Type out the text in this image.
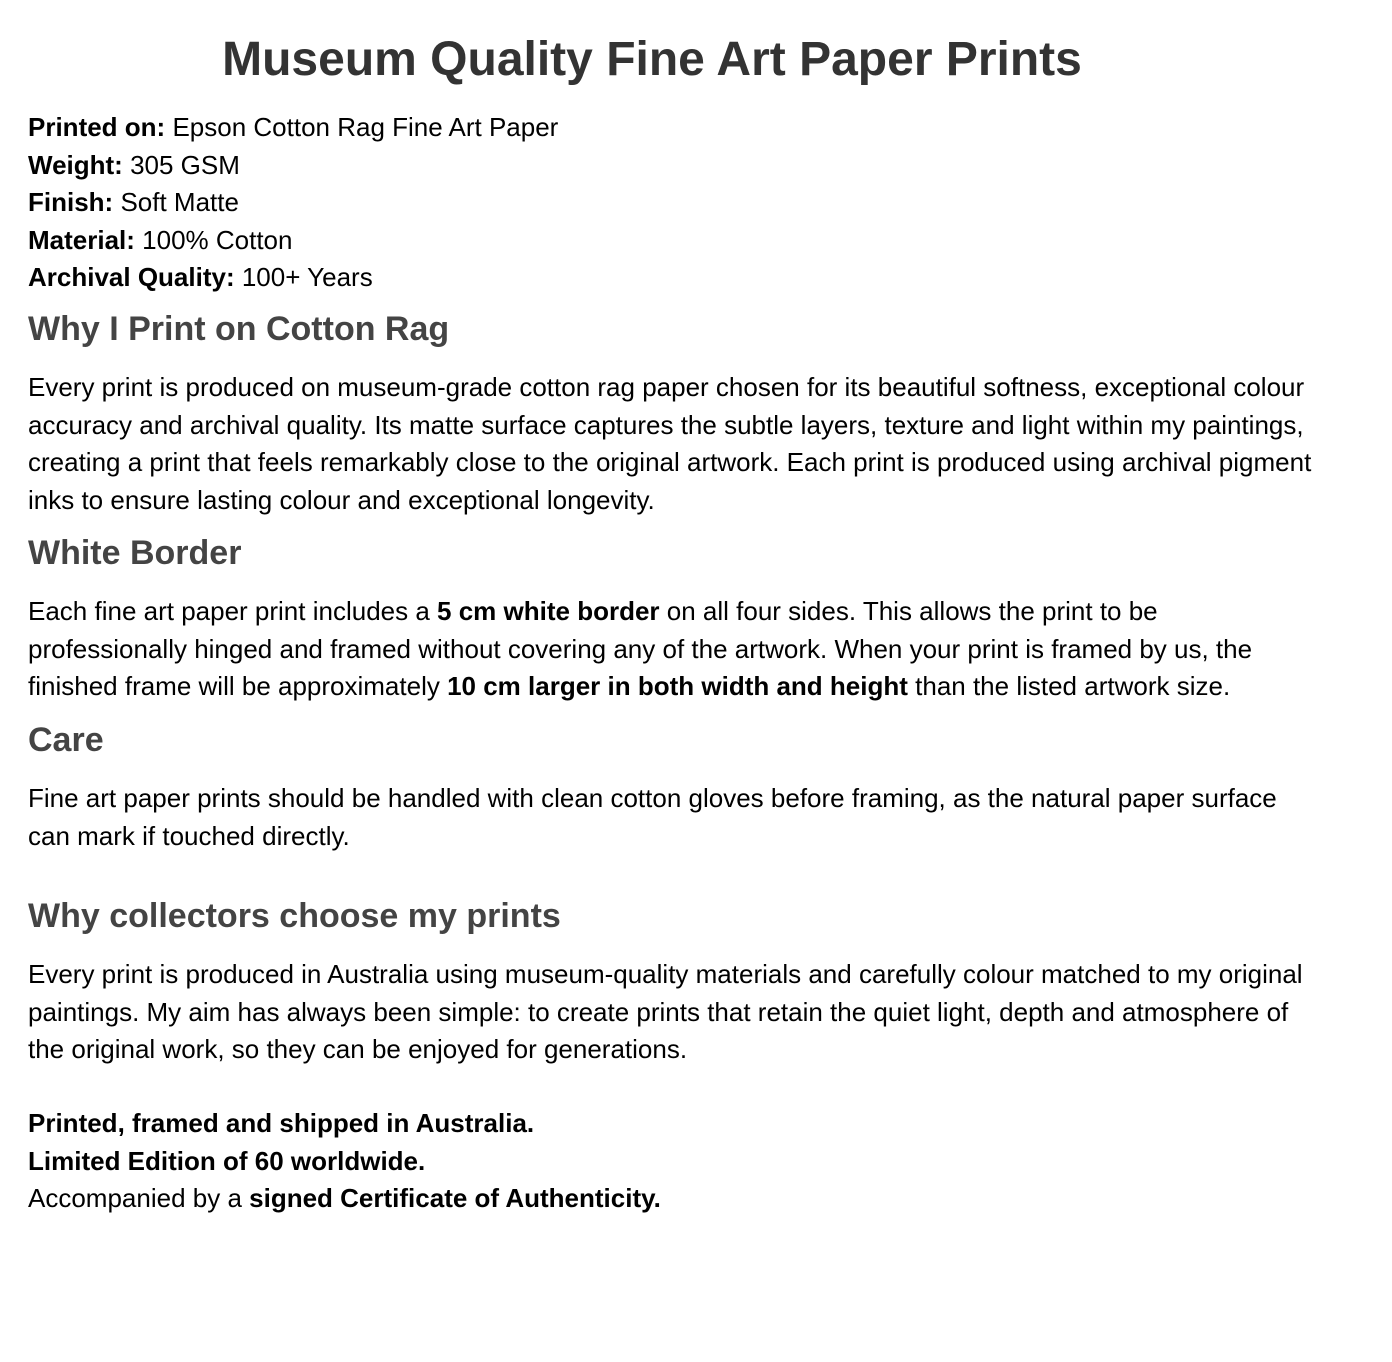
Museum Quality Fine Art Paper Prints
Printed on: Epson Cotton Rag Fine Art Paper
Weight: 305 GSM
Finish: Soft Matte
Material: 100% Cotton
Archival Quality: 100+ Years
Why I Print on Cotton Rag

Every print is produced on museum-grade cotton rag paper chosen for its beautiful softness, exceptional colour accuracy and archival quality. Its matte surface captures the subtle layers, texture and light within my paintings, creating a print that feels remarkably close to the original artwork. Each print is produced using archival pigment inks to ensure lasting colour and exceptional longevity.

White Border

Each fine art paper print includes a 5 cm white border on all four sides. This allows the print to be professionally hinged and framed without covering any of the artwork. When your print is framed by us, the finished frame will be approximately 10 cm larger in both width and height than the listed artwork size.

Care

Fine art paper prints should be handled with clean cotton gloves before framing, as the natural paper surface can mark if touched directly.

Why collectors choose my prints

Every print is produced in Australia using museum-quality materials and carefully colour matched to my original paintings. My aim has always been simple: to create prints that retain the quiet light, depth and atmosphere of the original work, so they can be enjoyed for generations.

Printed, framed and shipped in Australia.
Limited Edition of 60 worldwide.
Accompanied by a signed Certificate of Authenticity.
